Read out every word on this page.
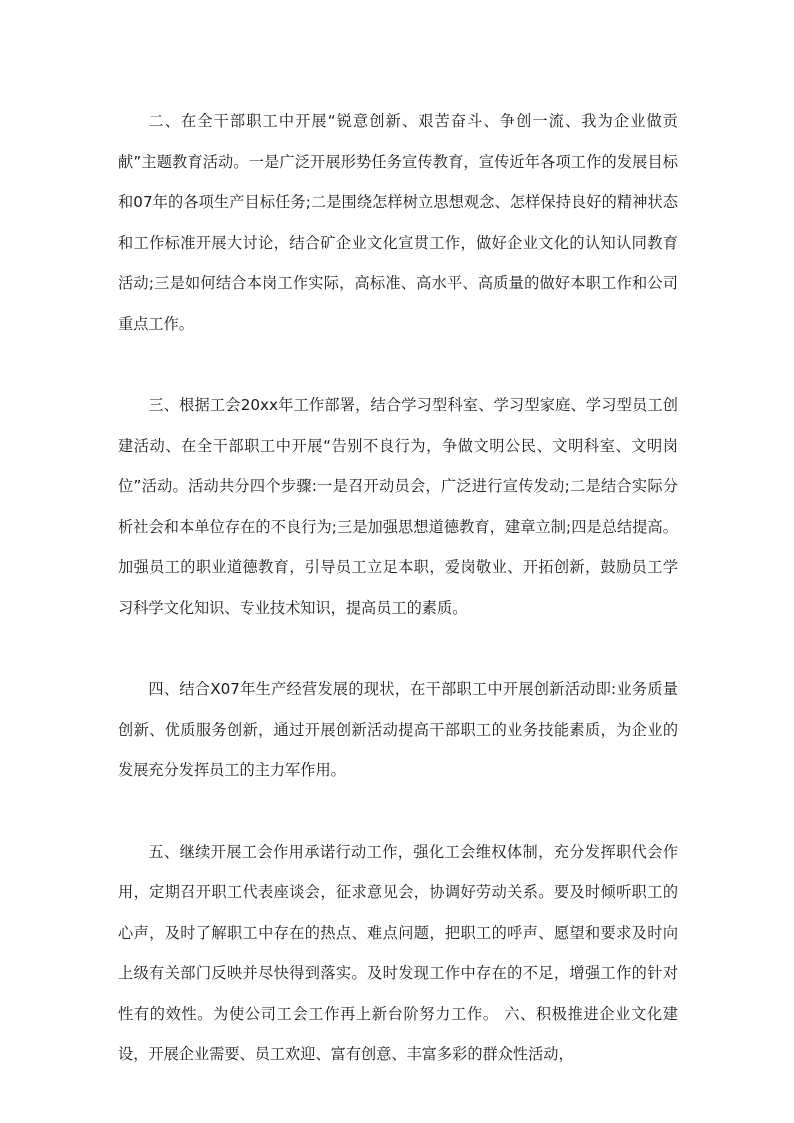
二、在全干部职工中开展“锐意创新、艰苦奋斗、争创一流、我为企业做贡献”主题教育活动。一是广泛开展形势任务宣传教育，宣传近年各项工作的发展目标和07年的各项生产目标任务;二是围绕怎样树立思想观念、怎样保持良好的精神状态和工作标准开展大讨论，结合矿企业文化宣贯工作，做好企业文化的认知认同教育活动;三是如何结合本岗工作实际，高标准、高水平、高质量的做好本职工作和公司重点工作。

三、根据工会20xx年工作部署，结合学习型科室、学习型家庭、学习型员工创建活动、在全干部职工中开展“告别不良行为，争做文明公民、文明科室、文明岗位”活动。活动共分四个步骤:一是召开动员会，广泛进行宣传发动;二是结合实际分析社会和本单位存在的不良行为;三是加强思想道德教育，建章立制;四是总结提高。加强员工的职业道德教育，引导员工立足本职，爱岗敬业、开拓创新，鼓励员工学习科学文化知识、专业技术知识，提高员工的素质。

四、结合X07年生产经营发展的现状，在干部职工中开展创新活动即:业务质量创新、优质服务创新，通过开展创新活动提高干部职工的业务技能素质，为企业的发展充分发挥员工的主力军作用。

五、继续开展工会作用承诺行动工作，强化工会维权体制，充分发挥职代会作用，定期召开职工代表座谈会，征求意见会，协调好劳动关系。要及时倾听职工的心声，及时了解职工中存在的热点、难点问题，把职工的呼声、愿望和要求及时向上级有关部门反映并尽快得到落实。及时发现工作中存在的不足，增强工作的针对性有的效性。为使公司工会工作再上新台阶努力工作。 六、积极推进企业文化建设，开展企业需要、员工欢迎、富有创意、丰富多彩的群众性活动，
